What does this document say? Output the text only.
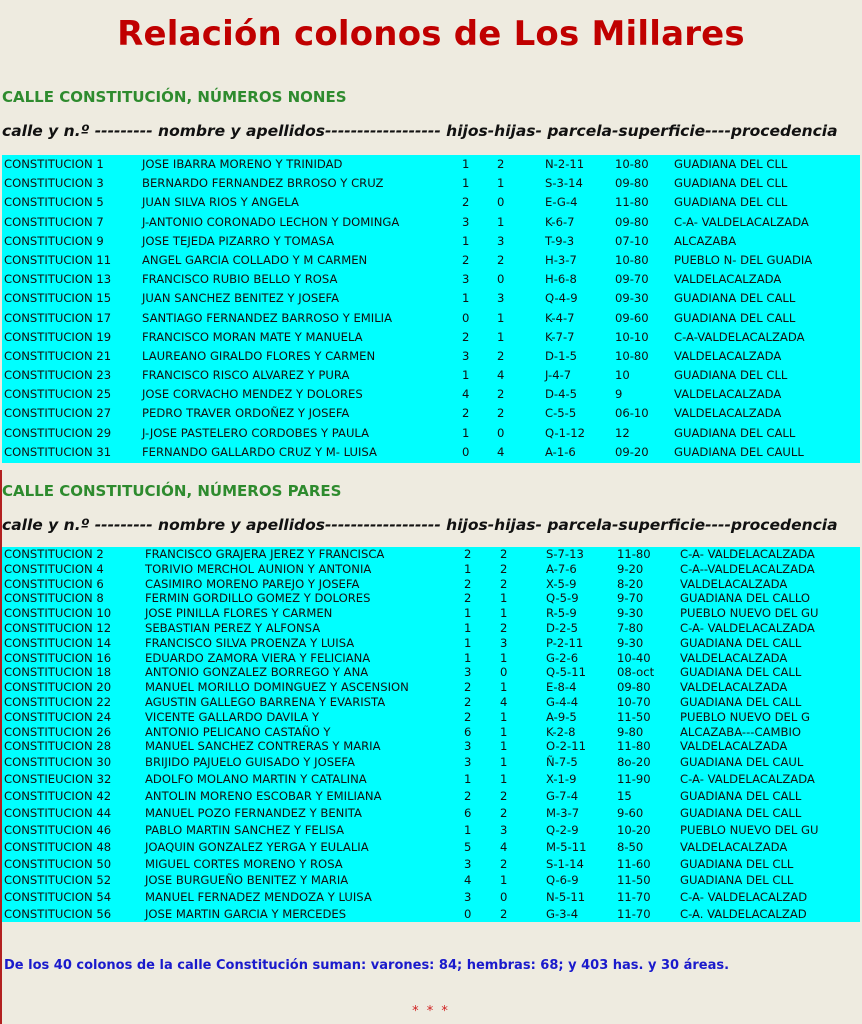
Relación colonos de Los Millares
CALLE CONSTITUCIÓN, NÚMEROS NONES
calle y n.º --------- nombre y apellidos------------------ hijos-hijas- parcela-superficie----procedencia
CONSTITUCION 1	JOSE IBARRA MORENO Y TRINIDAD	1 2	N-2-11	10-80 GUADIANA DEL CLL
CONSTITUCION 3	BERNARDO FERNANDEZ BRROSO Y CRUZ	1 1	S-3-14	09-80 GUADIANA DEL CLL
CONSTITUCION 5	JUAN SILVA RIOS Y ANGELA	2 0	E-G-4	11-80 GUADIANA DEL CLL
CONSTITUCION 7	J-ANTONIO CORONADO LECHON Y DOMINGA	3 1	K-6-7	09-80 C-A- VALDELACALZADA
CONSTITUCION 9	JOSE TEJEDA PIZARRO Y TOMASA	1 3	T-9-3	07-10 ALCAZABA
CONSTITUCION 11	ANGEL GARCIA COLLADO Y M CARMEN	2 2	H-3-7	10-80 PUEBLO N- DEL GUADIA
CONSTITUCION 13	FRANCISCO RUBIO BELLO Y ROSA	3 0	H-6-8	09-70 VALDELACALZADA
CONSTITUCION 15	JUAN SANCHEZ BENITEZ Y JOSEFA	1 3	Q-4-9	09-30 GUADIANA DEL CALL
CONSTITUCION 17	SANTIAGO FERNANDEZ BARROSO Y EMILIA	0 1	K-4-7	09-60 GUADIANA DEL CALL
CONSTITUCION 19	FRANCISCO MORAN MATE Y MANUELA	2 1	K-7-7	10-10 C-A-VALDELACALZADA
CONSTITUCION 21	LAUREANO GIRALDO FLORES Y CARMEN	3 2	D-1-5	10-80 VALDELACALZADA
CONSTITUCION 23	FRANCISCO RISCO ALVAREZ Y PURA	1 4	J-4-7	10	GUADIANA DEL CLL
CONSTITUCION 25	JOSE CORVACHO MENDEZ Y DOLORES	4 2	D-4-5	9	VALDELACALZADA
CONSTITUCION 27	PEDRO TRAVER ORDOÑEZ Y JOSEFA	2 2	C-5-5	06-10 VALDELACALZADA
CONSTITUCION 29	J-JOSE PASTELERO CORDOBES Y PAULA	1 0	Q-1-12	12	GUADIANA DEL CALL
CONSTITUCION 31	FERNANDO GALLARDO CRUZ Y M- LUISA	0 4	A-1-6	09-20 GUADIANA DEL CAULL
CALLE CONSTITUCIÓN, NÚMEROS PARES
calle y n.º --------- nombre y apellidos------------------ hijos-hijas- parcela-superficie----procedencia
CONSTITUCION 2	FRANCISCO GRAJERA JEREZ Y FRANCISCA	2 2	S-7-13	11-80	C-A- VALDELACALZADA
CONSTITUCION 4	TORIVIO MERCHOL AUNION Y ANTONIA	1 2	A-7-6	9-20	C-A--VALDELACALZADA
CONSTITUCION 6	CASIMIRO MORENO PAREJO Y JOSEFA	2 2	X-5-9	8-20	VALDELACALZADA
CONSTITUCION 8	FERMIN GORDILLO GOMEZ Y DOLORES	2 1	Q-5-9	9-70	GUADIANA DEL CALLO
CONSTITUCION 10	JOSE PINILLA FLORES Y CARMEN	1 1	R-5-9	9-30	PUEBLO NUEVO DEL GU
CONSTITUCION 12	SEBASTIAN PEREZ Y ALFONSA	1 2	D-2-5	7-80	C-A- VALDELACALZADA
CONSTITUCION 14	FRANCISCO SILVA PROENZA Y LUISA	1 3	P-2-11	9-30	GUADIANA DEL CALL
CONSTITUCION 16	EDUARDO ZAMORA VIERA Y FELICIANA	1 1	G-2-6	10-40	VALDELACALZADA
CONSTITUCION 18	ANTONIO GONZALEZ BORREGO Y ANA	3 0	Q-5-11	08-oct GUADIANA DEL CALL
CONSTITUCION 20	MANUEL MORILLO DOMINGUEZ Y ASCENSION	2 1	E-8-4	09-80	VALDELACALZADA
CONSTITUCION 22	AGUSTIN GALLEGO BARRENA Y EVARISTA	2 4	G-4-4	10-70	GUADIANA DEL CALL
CONSTITUCION 24	VICENTE GALLARDO DAVILA Y	2 1	A-9-5	11-50	PUEBLO NUEVO DEL G
CONSTITUCION 26	ANTONIO PELICANO CASTAÑO Y	6 1	K-2-8	9-80	ALCAZABA---CAMBIO
CONSTITUCION 28	MANUEL SANCHEZ CONTRERAS Y MARIA	3 1	O-2-11	11-80	VALDELACALZADA
CONSTITUCION 30	BRIJIDO PAJUELO GUISADO Y JOSEFA	3 1	Ñ-7-5	8o-20	GUADIANA DEL CAUL
CONSTIEUCION 32	ADOLFO MOLANO MARTIN Y CATALINA	1 1	X-1-9	11-90	C-A- VALDELACALZADA
CONSTITUCION 42	ANTOLIN MORENO ESCOBAR Y EMILIANA	2 2	G-7-4	15	GUADIANA DEL CALL
CONSTITUCION 44	MANUEL POZO FERNANDEZ Y BENITA	6 2	M-3-7	9-60	GUADIANA DEL CALL
CONSTITUCION 46	PABLO MARTIN SANCHEZ Y FELISA	1 3	Q-2-9	10-20	PUEBLO NUEVO DEL GU
CONSTITUCION 48	JOAQUIN GONZALEZ YERGA Y EULALIA	5 4	M-5-11	8-50	VALDELACALZADA
CONSTITUCION 50	MIGUEL CORTES MORENO Y ROSA	3 2	S-1-14	11-60	GUADIANA DEL CLL
CONSTITUCION 52	JOSE BURGUEÑO BENITEZ Y MARIA	4 1	Q-6-9	11-50	GUADIANA DEL CLL
CONSTITUCION 54	MANUEL FERNADEZ MENDOZA Y LUISA	3 0	N-5-11	11-70	C-A- VALDELACALZAD
CONSTITUCION 56	JOSE MARTIN GARCIA Y MERCEDES	0 2	G-3-4	11-70	C-A. VALDELACALZAD
De los 40 colonos de la calle Constitución suman: varones: 84; hembras: 68; y 403 has. y 30 áreas.
* * *
